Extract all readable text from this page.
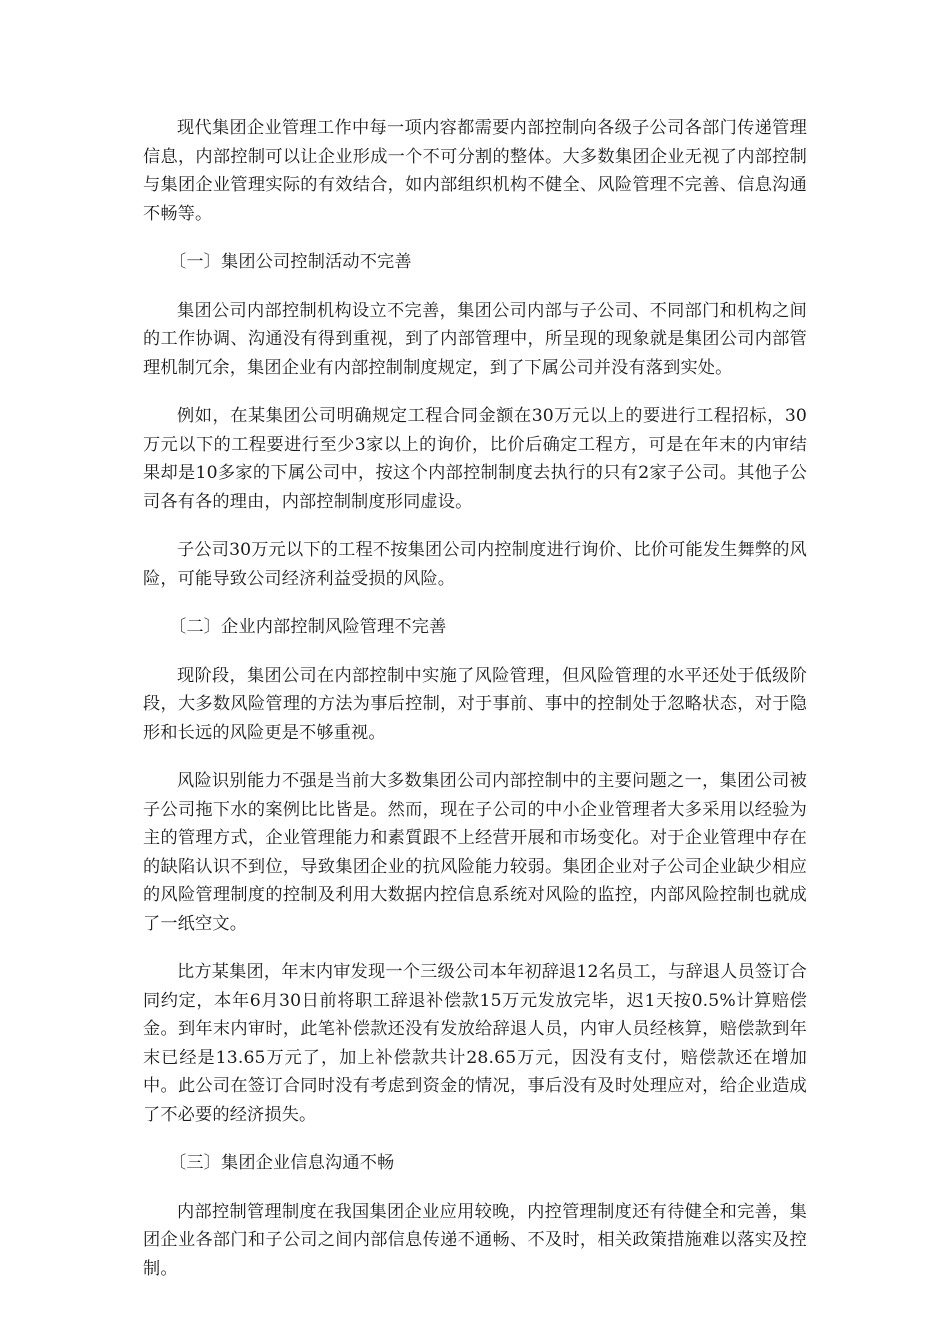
现代集团企业管理工作中每一项内容都需要内部控制向各级子公司各部门传递管理信息，内部控制可以让企业形成一个不可分割的整体。大多数集团企业无视了内部控制与集团企业管理实际的有效结合，如内部组织机构不健全、风险管理不完善、信息沟通不畅等。

〔一〕集团公司控制活动不完善

集团公司内部控制机构设立不完善，集团公司内部与子公司、不同部门和机构之间的工作协调、沟通没有得到重视，到了内部管理中，所呈现的现象就是集团公司内部管理机制冗余，集团企业有内部控制制度规定，到了下属公司并没有落到实处。

例如，在某集团公司明确规定工程合同金额在30万元以上的要进行工程招标，30万元以下的工程要进行至少3家以上的询价，比价后确定工程方，可是在年末的内审结果却是10多家的下属公司中，按这个内部控制制度去执行的只有2家子公司。其他子公司各有各的理由，内部控制制度形同虚设。

子公司30万元以下的工程不按集团公司内控制度进行询价、比价可能发生舞弊的风险，可能导致公司经济利益受损的风险。

〔二〕企业内部控制风险管理不完善

现阶段，集团公司在内部控制中实施了风险管理，但风险管理的水平还处于低级阶段，大多数风险管理的方法为事后控制，对于事前、事中的控制处于忽略状态，对于隐形和长远的风险更是不够重视。

风险识别能力不强是当前大多数集团公司内部控制中的主要问题之一，集团公司被子公司拖下水的案例比比皆是。然而，现在子公司的中小企业管理者大多采用以经验为主的管理方式，企业管理能力和素質跟不上经营开展和市场变化。对于企业管理中存在的缺陷认识不到位，导致集团企业的抗风险能力较弱。集团企业对子公司企业缺少相应的风险管理制度的控制及利用大数据内控信息系统对风险的监控，内部风险控制也就成了一纸空文。

比方某集团，年末内审发现一个三级公司本年初辞退12名员工，与辞退人员签订合同约定，本年6月30日前将职工辞退补偿款15万元发放完毕，迟1天按0.5%计算赔偿金。到年末内审时，此笔补偿款还没有发放给辞退人员，内审人员经核算，赔偿款到年末已经是13.65万元了，加上补偿款共计28.65万元，因没有支付，赔偿款还在增加中。此公司在签订合同时没有考虑到资金的情况，事后没有及时处理应对，给企业造成了不必要的经济损失。

〔三〕集团企业信息沟通不畅

内部控制管理制度在我国集团企业应用较晚，内控管理制度还有待健全和完善，集团企业各部门和子公司之间内部信息传递不通畅、不及时，相关政策措施难以落实及控制。
